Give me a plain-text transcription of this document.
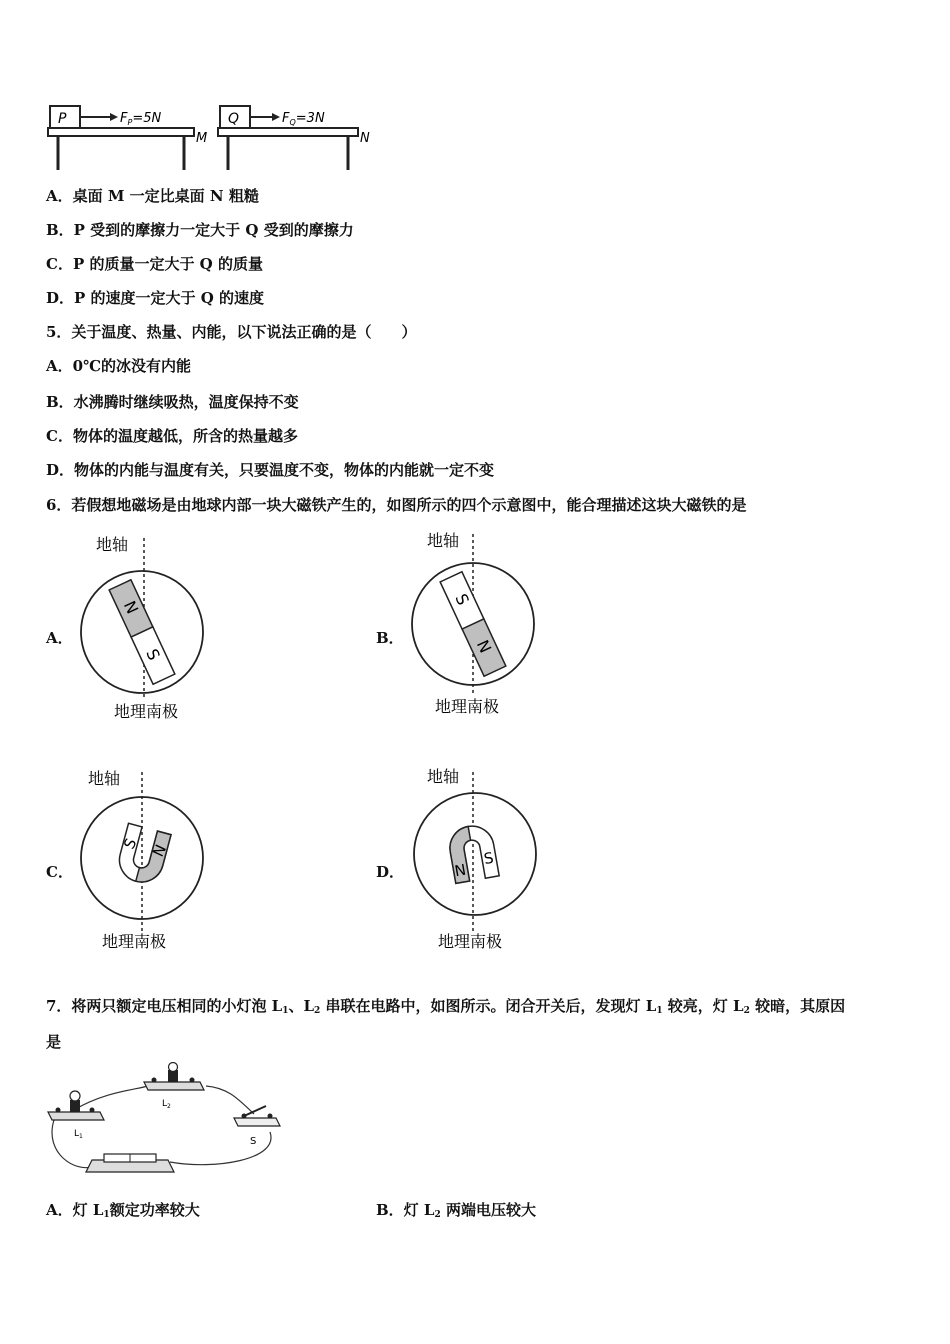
P	$F_P=5N$
M
Q	$F_Q=3N$
N
A．桌面 M 一定比桌面 N 粗糙
B．P 受到的摩擦力一定大于 Q 受到的摩擦力
C．P 的质量一定大于 Q 的质量
D．P 的速度一定大于 Q 的速度
5．关于温度、热量、内能，以下说法正确的是（　　）
A．0℃的冰没有内能
B．水沸腾时继续吸热，温度保持不变
C．物体的温度越低，所含的热量越多
D．物体的内能与温度有关，只要温度不变，物体的内能就一定不变
6．若假想地磁场是由地球内部一块大磁铁产生的，如图所示的四个示意图中，能合理描述这块大磁铁的是
A．
地轴
N
S
地理南极
B．
地轴
S
N
地理南极
C．
地轴
S N
地理南极
D．
地轴
N
S
地理南极
7．将两只额定电压相同的小灯泡 $L_1$、$L_2$ 串联在电路中，如图所示。闭合开关后，发现灯 $L_1$ 较亮，灯 $L_2$ 较暗，其原因
是
$L_1$
$L_2$
S
A．灯 $L_1$额定功率较大	B．灯 $L_2$ 两端电压较大
